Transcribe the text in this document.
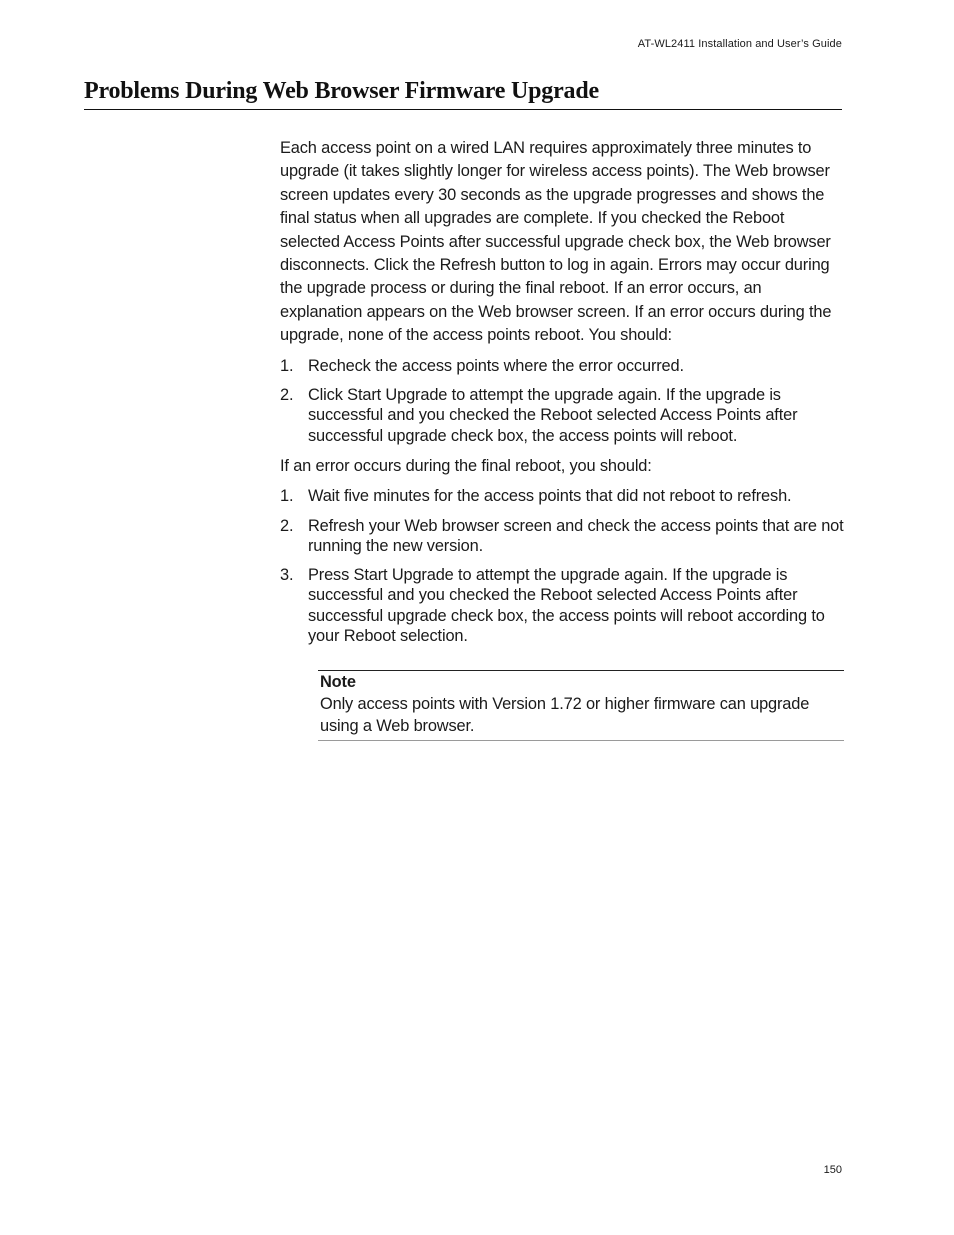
AT-WL2411 Installation and User’s Guide
Problems During Web Browser Firmware Upgrade

Each access point on a wired LAN requires approximately three minutes to upgrade (it takes slightly longer for wireless access points). The Web browser screen updates every 30 seconds as the upgrade progresses and shows the final status when all upgrades are complete. If you checked the Reboot selected Access Points after successful upgrade check box, the Web browser disconnects. Click the Refresh button to log in again. Errors may occur during the upgrade process or during the final reboot. If an error occurs, an explanation appears on the Web browser screen. If an error occurs during the upgrade, none of the access points reboot. You should:

1. Recheck the access points where the error occurred.
2. Click Start Upgrade to attempt the upgrade again. If the upgrade is successful and you checked the Reboot selected Access Points after successful upgrade check box, the access points will reboot.

If an error occurs during the final reboot, you should:

1. Wait five minutes for the access points that did not reboot to refresh.
2. Refresh your Web browser screen and check the access points that are not running the new version.
3. Press Start Upgrade to attempt the upgrade again. If the upgrade is successful and you checked the Reboot selected Access Points after successful upgrade check box, the access points will reboot according to your Reboot selection.

Note

Only access points with Version 1.72 or higher firmware can upgrade using a Web browser.

150
